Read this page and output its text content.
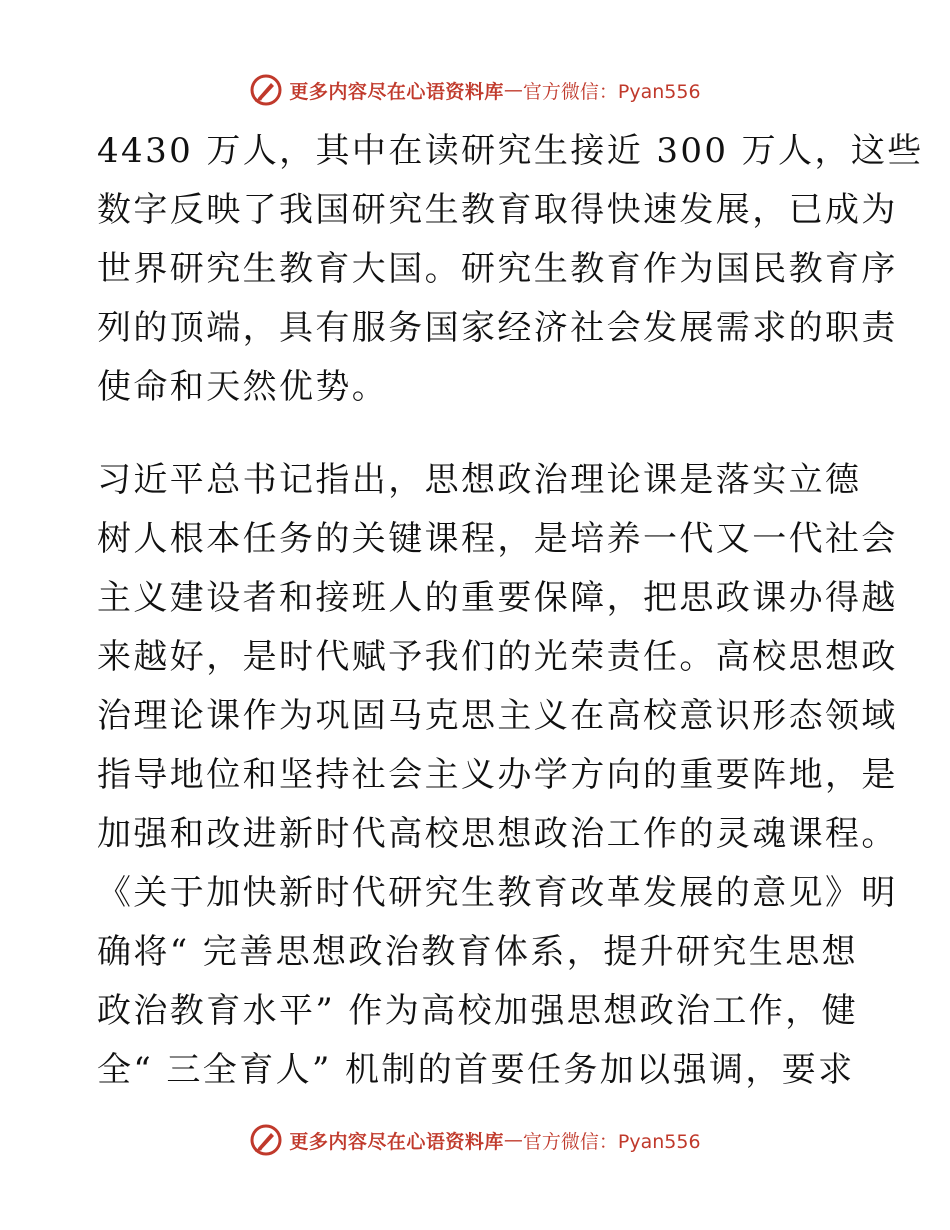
更多内容尽在心语资料库 — 官方微信：Pyan556
4430 万人，其中在读研究生接近 300 万人，这些
数字反映了我国研究生教育取得快速发展，已成为
世界研究生教育大国。研究生教育作为国民教育序
列的顶端，具有服务国家经济社会发展需求的职责
使命和天然优势。
习近平总书记指出，思想政治理论课是落实立德
树人根本任务的关键课程，是培养一代又一代社会
主义建设者和接班人的重要保障，把思政课办得越
来越好，是时代赋予我们的光荣责任。高校思想政
治理论课作为巩固马克思主义在高校意识形态领域
指导地位和坚持社会主义办学方向的重要阵地，是
加强和改进新时代高校思想政治工作的灵魂课程。
《关于加快新时代研究生教育改革发展的意见》明
确将“ 完善思想政治教育体系，提升研究生思想
政治教育水平” 作为高校加强思想政治工作，健
全“ 三全育人” 机制的首要任务加以强调，要求
更多内容尽在心语资料库 — 官方微信：Pyan556
